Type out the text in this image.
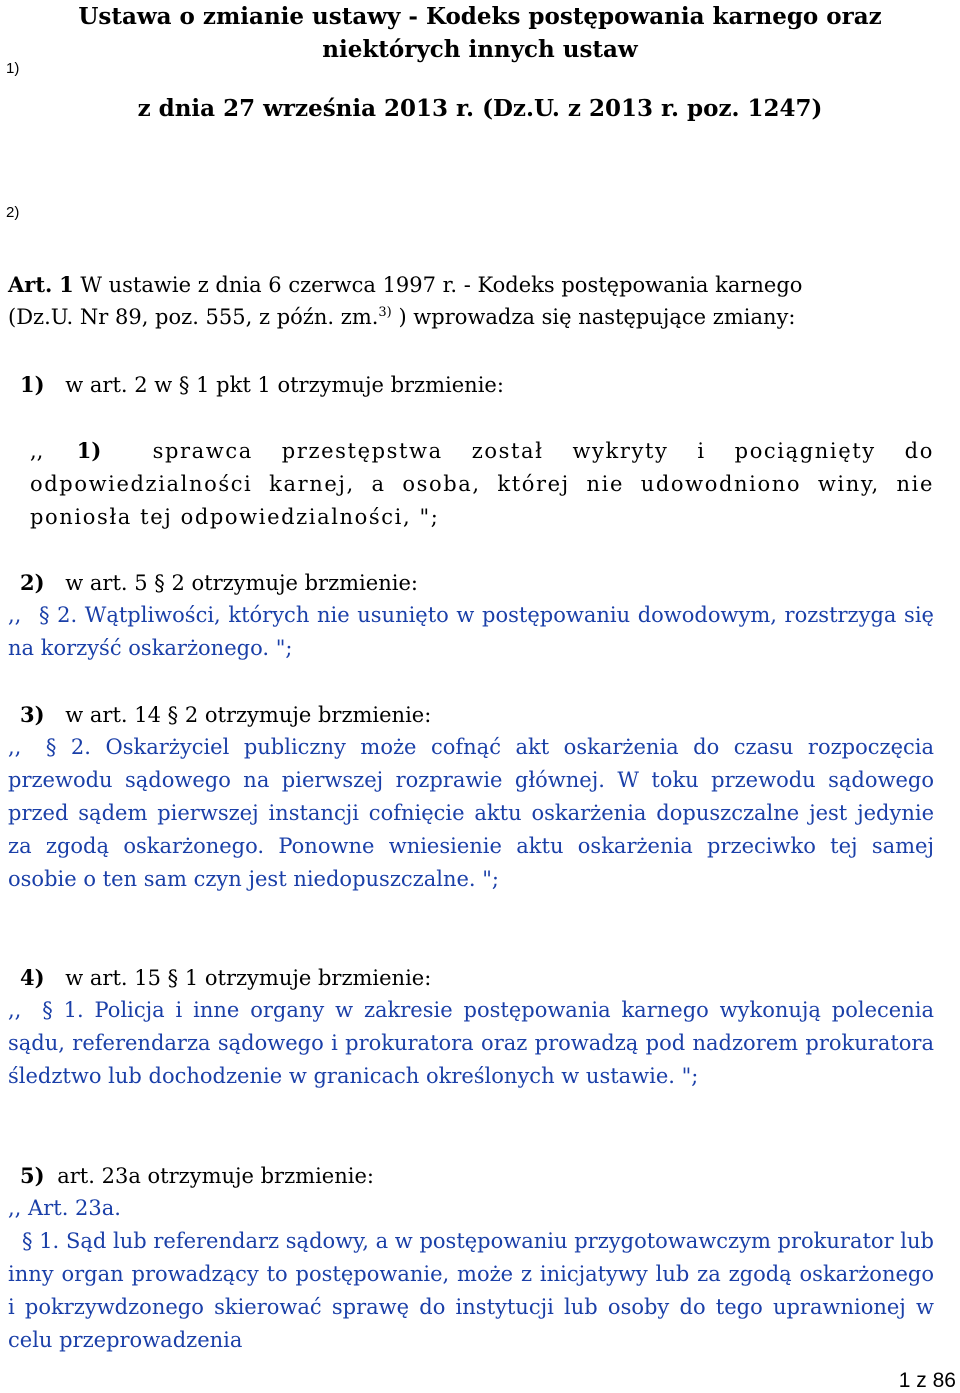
Ustawa o zmianie ustawy - Kodeks postępowania karnego oraz
niektórych innych ustaw
1)
z dnia 27 września 2013 r. (Dz.U. z 2013 r. poz. 1247)
2)
Art. 1 W ustawie z dnia 6 czerwca 1997 r. - Kodeks postępowania karnego
(Dz.U. Nr 89, poz. 555, z późn. zm.$^{3)}$ ) wprowadza się następujące zmiany:
1) w art. 2 w § 1 pkt 1 otrzymuje brzmienie:
,, 1) sprawca przestępstwa został wykryty i pociągnięty do odpowiedzialności karnej, a osoba, której nie udowodniono winy, nie poniosła tej odpowiedzialności, ";
2) w art. 5 § 2 otrzymuje brzmienie:
,, § 2. Wątpliwości, których nie usunięto w postępowaniu dowodowym, rozstrzyga się na korzyść oskarżonego. ";
3) w art. 14 § 2 otrzymuje brzmienie:
,, § 2. Oskarżyciel publiczny może cofnąć akt oskarżenia do czasu rozpoczęcia przewodu sądowego na pierwszej rozprawie głównej. W toku przewodu sądowego przed sądem pierwszej instancji cofnięcie aktu oskarżenia dopuszczalne jest jedynie za zgodą oskarżonego. Ponowne wniesienie aktu oskarżenia przeciwko tej samej osobie o ten sam czyn jest niedopuszczalne. ";
4) w art. 15 § 1 otrzymuje brzmienie:
,, § 1. Policja i inne organy w zakresie postępowania karnego wykonują polecenia sądu, referendarza sądowego i prokuratora oraz prowadzą pod nadzorem prokuratora śledztwo lub dochodzenie w granicach określonych w ustawie. ";
5) art. 23a otrzymuje brzmienie:
,, Art. 23a.
§ 1. Sąd lub referendarz sądowy, a w postępowaniu przygotowawczym prokurator lub inny organ prowadzący to postępowanie, może z inicjatywy lub za zgodą oskarżonego i pokrzywdzonego skierować sprawę do instytucji lub osoby do tego uprawnionej w celu przeprowadzenia
1 z 86
